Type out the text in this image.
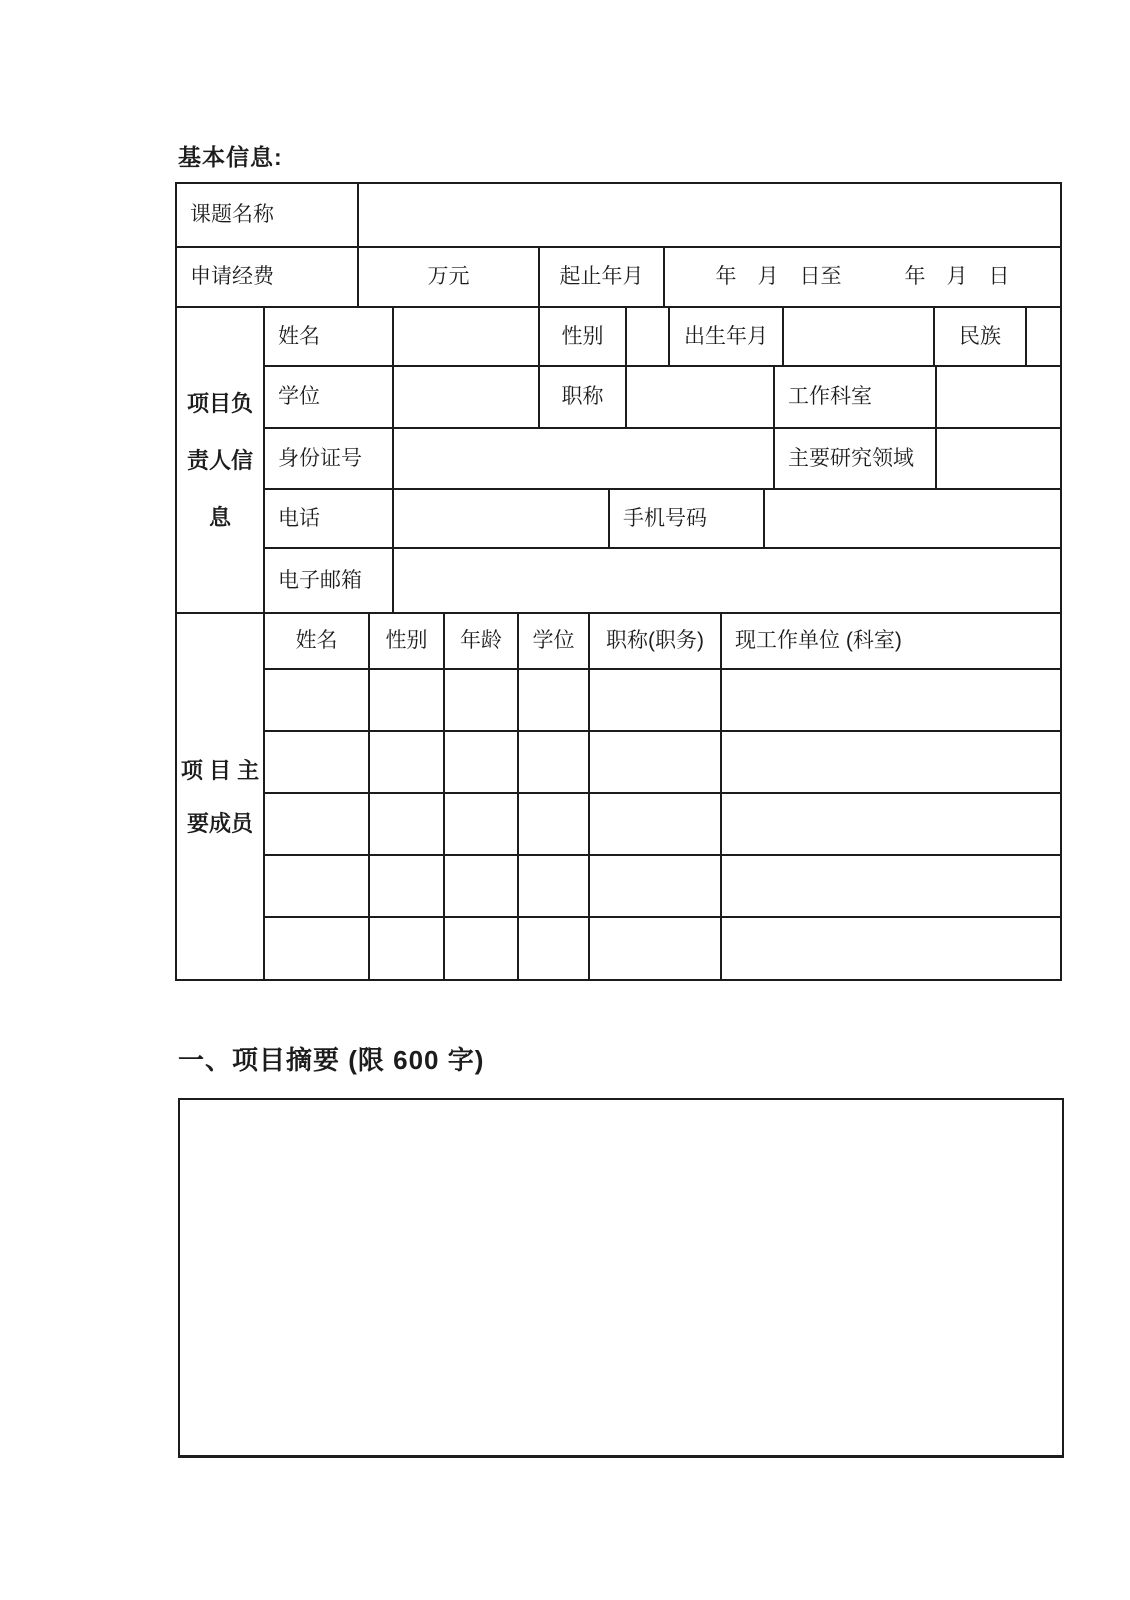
基本信息:
课题名称
申请经费	万元	起止年月	年　月　日至　　　年　月　日
项目负
责人信
息
姓名	性别	出生年月	民族
学位	职称	工作科室
身份证号	主要研究领域
电话	手机号码
电子邮箱
项 目 主
要成员
姓名	性别	年龄	学位	职称(职务)	现工作单位 (科室)
一、项目摘要 (限 600 字)
